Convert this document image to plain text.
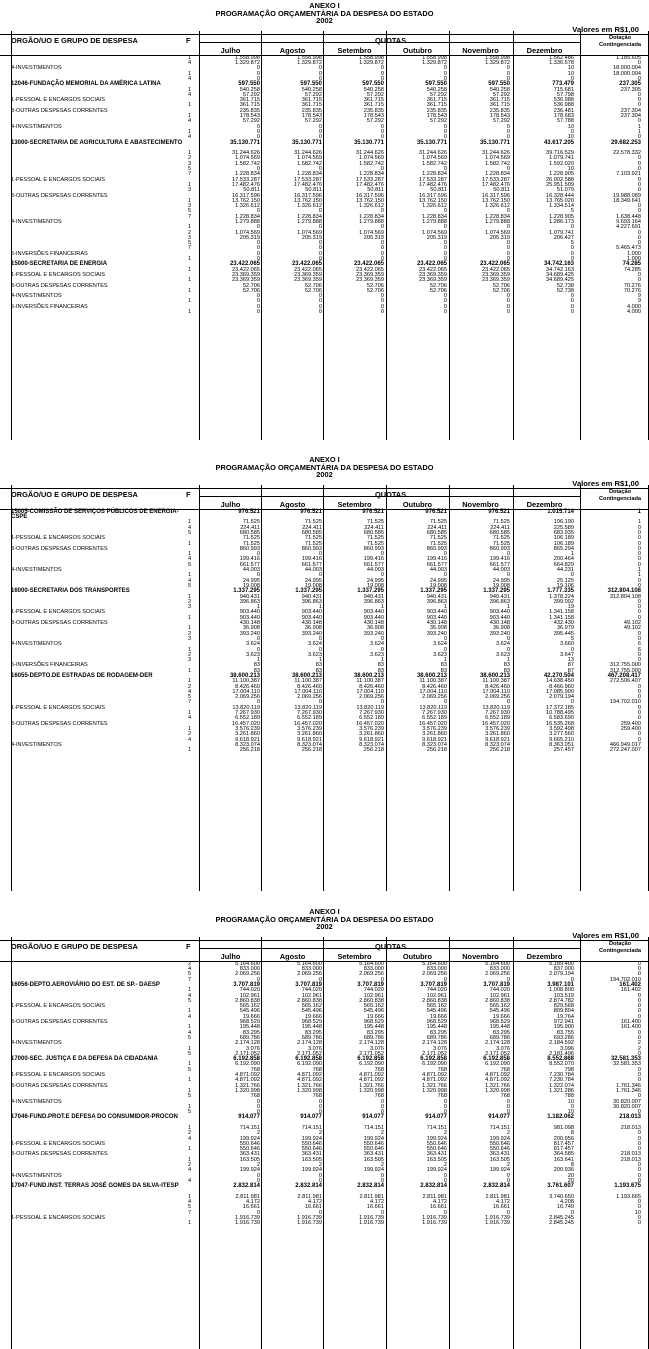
ANEXO I
PROGRAMAÇÃO ORÇAMENTÁRIA DA DESPESA DO ESTADO
2002
Valores em R$1,00
ORGÃO/UO E GRUPO DE DESPESA	F	QUOTAS	Dotação Contingenciada
Julho	Agosto	Setembro	Outubro	Novembro	Dezembro
1	1.558.998	1.558.998	1.558.998	1.558.998	1.558.998	1.562.486	1.185.605
4	1.329.872	1.329.872	1.329.872	1.329.872	1.329.872	1.336.578	0
4-INVESTIMENTOS	0	0	0	0	0	10	18.000.004
1	0	0	0	0	0	10	18.000.004
4	0	0	0	0	0	0	0
12046-FUNDAÇÃO MEMORIAL DA AMÉRICA LATINA	597.550	597.550	597.550	597.550	597.550	773.479	237.305
1	540.258	540.258	540.258	540.258	540.258	715.681	237.305
4	57.292	57.292	57.292	57.292	57.292	57.798	0
1-PESSOAL E ENCARGOS SOCIAIS	361.715	361.715	361.715	361.715	361.715	536.988	0
1	361.715	361.715	361.715	361.715	361.715	536.988	0
3-OUTRAS DESPESAS CORRENTES	235.835	235.835	235.835	235.835	235.835	236.481	237.304
1	178.543	178.543	178.543	178.543	178.543	178.683	237.304
4	57.292	57.292	57.292	57.292	57.292	57.788	0
4-INVESTIMENTOS	0	0	0	0	0	10	1
1	0	0	0	0	0	0	1
4	0	0	0	0	0	10	0
13000-SECRETARIA DE AGRICULTURA E ABASTECIMENTO	35.130.771	35.130.771	35.130.771	35.130.771	35.130.771	43.617.205	29.682.253
1	31.244.626	31.244.626	31.244.626	31.244.626	31.244.626	39.716.529	22.578.332
2	1.074.569	1.074.569	1.074.569	1.074.569	1.074.569	1.079.741	0
3	1.582.742	1.582.742	1.582.742	1.582.742	1.582.742	1.592.020	0
5	0	0	0	0	0	10	0
7	1.228.834	1.228.834	1.228.834	1.228.834	1.228.834	1.228.905	7.103.921
1-PESSOAL E ENCARGOS SOCIAIS	17.533.287	17.533.287	17.533.287	17.533.287	17.533.287	26.002.588	0
1	17.482.476	17.482.476	17.482.476	17.482.476	17.482.476	25.951.509	0
3	50.811	50.811	50.811	50.811	50.811	51.079	0
3-OUTRAS DESPESAS CORRENTES	16.317.596	16.317.596	16.317.596	16.317.596	16.317.596	16.328.444	19.988.089
1	13.762.150	13.762.150	13.762.150	13.762.150	13.762.150	13.765.020	18.349.641
3	1.326.612	1.326.612	1.326.612	1.326.612	1.326.612	1.334.514	0
5	0	0	0	0	0	5	0
7	1.228.834	1.228.834	1.228.834	1.228.834	1.228.834	1.228.905	1.638.448
4-INVESTIMENTOS	1.279.888	1.279.888	1.279.888	1.279.888	1.279.888	1.286.173	9.693.164
1	0	0	0	0	0	0	4.227.691
2	1.074.569	1.074.569	1.074.569	1.074.569	1.074.569	1.079.741	0
3	205.319	205.319	205.319	205.319	205.319	206.427	0
5	0	0	0	0	0	5	0
7	0	0	0	0	0	0	5.465.473
5-INVERSÕES FINANCEIRAS	0	0	0	0	0	0	1.000
1	0	0	0	0	0	0	1.000
15000-SECRETARIA DE ENERGIA	23.422.065	23.422.065	23.422.065	23.422.065	23.422.065	34.742.163	74.285
1	23.422.065	23.422.065	23.422.065	23.422.065	23.422.065	34.742.163	74.285
1-PESSOAL E ENCARGOS SOCIAIS	23.369.359	23.369.359	23.369.359	23.369.359	23.369.359	34.689.425	0
1	23.369.359	23.369.359	23.369.359	23.369.359	23.369.359	34.689.425	0
3-OUTRAS DESPESAS CORRENTES	52.706	52.706	52.706	52.706	52.706	52.738	70.276
1	52.706	52.706	52.706	52.706	52.706	52.738	70.276
4-INVESTIMENTOS	0	0	0	0	0	0	9
1	0	0	0	0	0	0	9
5-INVERSÕES FINANCEIRAS	0	0	0	0	0	0	4.000
1	0	0	0	0	0	0	4.000
ANEXO I
PROGRAMAÇÃO ORÇAMENTÁRIA DA DESPESA DO ESTADO
2002
Valores em R$1,00
ORGÃO/UO E GRUPO DE DESPESA	F	QUOTAS	Dotação Contingenciada
Julho	Agosto	Setembro	Outubro	Novembro	Dezembro
15005-COMISSÃO DE SERVIÇOS PÚBLICOS DE ENERGIA-CSPE
976.521	976.521	976.521	976.521	976.521	1.015.714	1
1	71.525	71.525	71.525	71.525	71.525	106.190	1
4	224.411	224.411	224.411	224.411	224.411	225.589	0
5	680.585	680.585	680.585	680.585	680.585	683.935	0
1-PESSOAL E ENCARGOS SOCIAIS	71.525	71.525	71.525	71.525	71.525	106.189	0
1	71.525	71.525	71.525	71.525	71.525	106.189	0
3-OUTRAS DESPESAS CORRENTES	860.993	860.993	860.993	860.993	860.993	865.294	0
1	0	0	0	0	0	1	0
4	199.416	199.416	199.416	199.416	199.416	200.464	0
5	661.577	661.577	661.577	661.577	661.577	664.829	0
4-INVESTIMENTOS	44.003	44.003	44.003	44.003	44.003	44.231	1
1	0	0	0	0	0	0	1
4	24.995	24.995	24.995	24.995	24.995	25.125	0
5	19.008	19.008	19.008	19.008	19.008	19.106	0
16000-SECRETARIA DOS TRANSPORTES	1.337.295	1.337.295	1.337.295	1.337.295	1.337.295	1.777.335	312.804.108
1	940.431	940.431	940.431	940.431	940.431	1.378.224	312.804.108
2	396.863	396.863	396.863	396.863	396.863	399.092	0
3	1	1	1	1	1	19	0
1-PESSOAL E ENCARGOS SOCIAIS	903.440	903.440	903.440	903.440	903.440	1.341.158	0
1	903.440	903.440	903.440	903.440	903.440	1.341.158	0
3-OUTRAS DESPESAS CORRENTES	430.148	430.148	430.148	430.148	430.148	432.430	49.102
1	36.908	36.908	36.908	36.908	36.908	36.979	49.102
2	393.240	393.240	393.240	393.240	393.240	395.445	0
3	0	0	0	0	0	5	0
4-INVESTIMENTOS	3.624	3.624	3.624	3.624	3.624	3.660	6
1	0	0	0	0	0	0	6
2	3.623	3.623	3.623	3.623	3.623	3.647	0
3	1	1	1	1	1	13	0
5-INVERSÕES FINANCEIRAS	83	83	83	83	83	87	312.755.000
1	83	83	83	83	83	87	312.755.000
16055-DEPTO.DE ESTRADAS DE RODAGEM-DER	38.600.213	38.600.213	38.600.213	38.600.213	38.600.213	42.270.504	467.208.417
1	11.100.387	11.100.387	11.100.387	11.100.387	11.100.387	14.638.450	272.506.407
2	8.426.460	8.426.460	8.426.460	8.426.460	8.426.460	8.466.960	0
4	17.004.110	17.004.110	17.004.110	17.004.110	17.004.110	17.085.900	0
5	2.069.256	2.069.256	2.069.256	2.069.256	2.069.256	2.079.194	0
7	0	0	0	0	0	0	194.702.010
1-PESSOAL E ENCARGOS SOCIAIS	13.820.119	13.820.119	13.820.119	13.820.119	13.820.119	17.372.185	0
1	7.267.930	7.267.930	7.267.930	7.267.930	7.267.930	10.788.495	0
4	6.552.189	6.552.189	6.552.189	6.552.189	6.552.189	6.583.690	0
3-OUTRAS DESPESAS CORRENTES	16.457.020	16.457.020	16.457.020	16.457.020	16.457.020	16.535.268	259.400
1	3.576.239	3.576.239	3.576.239	3.576.239	3.576.239	3.592.498	259.400
2	3.261.860	3.261.860	3.261.860	3.261.860	3.261.860	3.277.560	0
4	9.618.921	9.618.921	9.618.921	9.618.921	9.618.921	9.665.210	0
4-INVESTIMENTOS	8.323.074	8.323.074	8.323.074	8.323.074	8.323.074	8.363.051	466.949.017
1	256.218	256.218	256.218	256.218	256.218	257.457	272.247.007
ANEXO I
PROGRAMAÇÃO ORÇAMENTÁRIA DA DESPESA DO ESTADO
2002
Valores em R$1,00
ORGÃO/UO E GRUPO DE DESPESA	F	QUOTAS	Dotação Contingenciada
Julho	Agosto	Setembro	Outubro	Novembro	Dezembro
2	5.164.600	5.164.600	5.164.600	5.164.600	5.164.600	5.189.400	0
4	833.000	833.000	833.000	833.000	833.000	837.000	0
5	2.069.256	2.069.256	2.069.256	2.069.256	2.069.256	2.079.194	0
7	0	0	0	0	0	0	194.702.010
16056-DEPTO.AEROVIÁRIO DO EST. DE SP.- DAESP	3.707.819	3.707.819	3.707.819	3.707.819	3.707.819	3.987.101	161.402
1	744.020	744.020	744.020	744.020	744.020	1.008.800	161.402
4	102.961	102.961	102.961	102.961	102.961	103.519	0
5	2.860.838	2.860.838	2.860.838	2.860.838	2.860.838	2.874.782	0
1-PESSOAL E ENCARGOS SOCIAIS	565.162	565.162	565.162	565.162	565.162	829.568	0
1	545.496	545.496	545.496	545.496	545.496	809.804	0
4	19.666	19.666	19.666	19.666	19.666	19.764	0
3-OUTRAS DESPESAS CORRENTES	968.529	968.529	968.529	968.529	968.529	972.941	161.400
1	195.448	195.448	195.448	195.448	195.448	195.900	161.400
4	83.295	83.295	83.295	83.295	83.295	83.755	0
5	689.786	689.786	689.786	689.786	689.786	693.286	0
4-INVESTIMENTOS	2.174.128	2.174.128	2.174.128	2.174.128	2.174.128	2.184.592	2
1	3.076	3.076	3.076	3.076	3.076	3.096	2
5	2.171.052	2.171.052	2.171.052	2.171.052	2.171.052	2.181.496	0
17000-SEC. JUSTIÇA E DA DEFESA DA CIDADANIA	6.192.858	6.192.858	6.192.858	6.192.858	6.192.858	8.552.868	32.581.353
1	6.192.090	6.192.090	6.192.090	6.192.090	6.192.090	8.552.070	32.581.353
5	768	768	768	768	768	798	0
1-PESSOAL E ENCARGOS SOCIAIS	4.871.092	4.871.092	4.871.092	4.871.092	4.871.092	7.230.784	0
1	4.871.092	4.871.092	4.871.092	4.871.092	4.871.092	7.230.784	0
3-OUTRAS DESPESAS CORRENTES	1.321.766	1.321.766	1.321.766	1.321.766	1.321.766	1.322.074	1.761.346
1	1.320.998	1.320.998	1.320.998	1.320.998	1.320.998	1.321.286	1.761.346
5	768	768	768	768	768	788	0
4-INVESTIMENTOS	0	0	0	0	0	10	30.820.007
1	0	0	0	0	0	0	30.820.007
5	0	0	0	0	0	10	0
17046-FUND.PROT.E DEFESA DO CONSUMIDOR-PROCON	914.077	914.077	914.077	914.077	914.077	1.182.062	218.013
1	714.151	714.151	714.151	714.151	714.151	981.098	218.013
2	2	2	2	2	2	8	0
4	199.924	199.924	199.924	199.924	199.924	200.956	0
1-PESSOAL E ENCARGOS SOCIAIS	550.646	550.646	550.646	550.646	550.646	817.457	0
1	550.646	550.646	550.646	550.646	550.646	817.457	0
3-OUTRAS DESPESAS CORRENTES	363.431	363.431	363.431	363.431	363.431	364.585	218.013
1	163.505	163.505	163.505	163.505	163.505	163.641	218.013
2	2	2	2	2	2	8	0
4	199.924	199.924	199.924	199.924	199.924	200.936	0
4-INVESTIMENTOS	0	0	0	0	0	20	0
4	0	0	0	0	0	20	0
17047-FUND.INST. TERRAS JOSÉ GOMES DA SILVA-ITESP	2.832.814	2.832.814	2.832.814	2.832.814	2.832.814	3.761.607	1.193.675
1	2.811.981	2.811.981	2.811.981	2.811.981	2.811.981	3.740.650	1.193.665
4	4.172	4.172	4.172	4.172	4.172	4.208	0
5	16.661	16.661	16.661	16.661	16.661	16.749	0
7	0	0	0	0	0	0	10
1-PESSOAL E ENCARGOS SOCIAIS	1.916.739	1.916.739	1.916.739	1.916.739	1.916.739	2.845.245	0
1	1.916.739	1.916.739	1.916.739	1.916.739	1.916.739	2.845.245	0
